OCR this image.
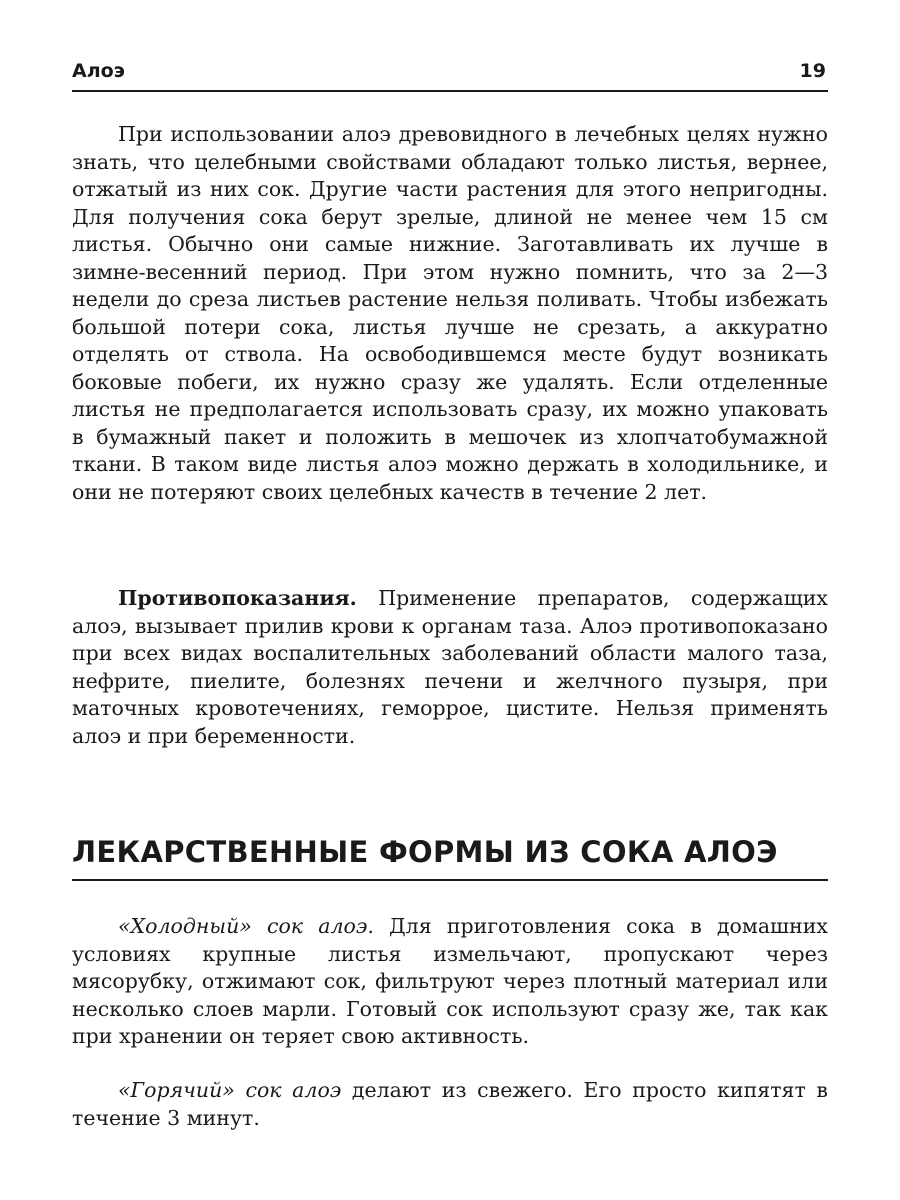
Алоэ	19

При использовании алоэ древовидного в лечебных целях нужно знать, что целебными свойствами обладают только листья, вернее, отжатый из них сок. Другие части растения для этого непригодны. Для получения сока берут зрелые, длиной не менее чем 15 см листья. Обычно они самые нижние. Заготавливать их лучше в зимне-весенний период. При этом нужно помнить, что за 2—3 недели до среза листьев растение нельзя поливать. Чтобы избежать большой потери сока, листья лучше не срезать, а аккуратно отделять от ствола. На освободившемся месте будут возникать боковые побеги, их нужно сразу же удалять. Если отделенные листья не предполагается использовать сразу, их можно упаковать в бумажный пакет и положить в мешочек из хлопчатобумажной ткани. В таком виде листья алоэ можно держать в холодильнике, и они не потеряют своих целебных качеств в течение 2 лет.

Противопоказания. Применение препаратов, содержащих алоэ, вызывает прилив крови к органам таза. Алоэ противопоказано при всех видах воспалительных заболеваний области малого таза, нефрите, пиелите, болезнях печени и желчного пузыря, при маточных кровотечениях, геморрое, цистите. Нельзя применять алоэ и при беременности.

ЛЕКАРСТВЕННЫЕ ФОРМЫ ИЗ СОКА АЛОЭ

«Холодный» сок алоэ. Для приготовления сока в домашних условиях крупные листья измельчают, пропускают через мясорубку, отжимают сок, фильтруют через плотный материал или несколько слоев марли. Готовый сок используют сразу же, так как при хранении он теряет свою активность.

«Горячий» сок алоэ делают из свежего. Его просто кипятят в течение 3 минут.
